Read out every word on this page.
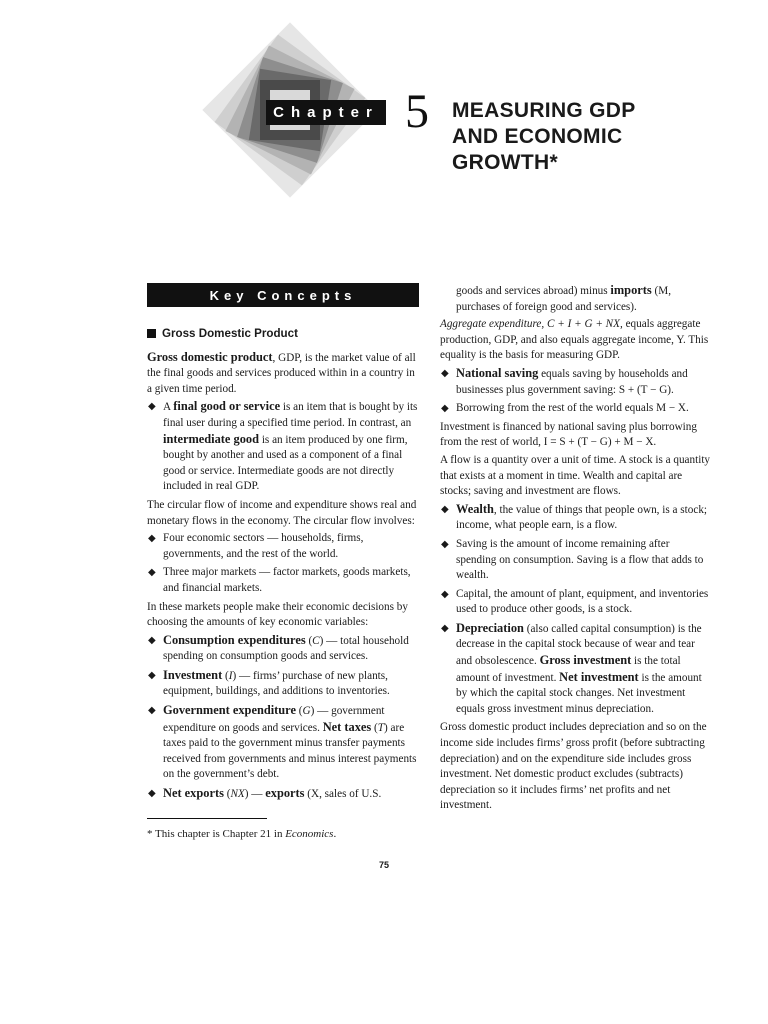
Chapter 5 MEASURING GDP
AND ECONOMIC
GROWTH*
Key Concepts
Gross Domestic Product

Gross domestic product, GDP, is the market value of all the final goods and services produced within in a country in a given time period.

◆ A final good or service is an item that is bought by its final user during a specified time period. In contrast, an intermediate good is an item produced by one firm, bought by another and used as a component of a final good or service. Intermediate goods are not directly included in real GDP.

The circular flow of income and expenditure shows real and monetary flows in the economy. The circular flow involves:

◆ Four economic sectors — households, firms, governments, and the rest of the world.
◆ Three major markets — factor markets, goods markets, and financial markets.

In these markets people make their economic decisions by choosing the amounts of key economic variables:

◆ Consumption expenditures (C) — total household spending on consumption goods and services.
◆ Investment (I) — firms’ purchase of new plants, equipment, buildings, and additions to inventories.
◆ Government expenditure (G) — government expenditure on goods and services. Net taxes (T) are taxes paid to the government minus transfer payments received from governments and minus interest payments on the government’s debt.
◆ Net exports (NX) — exports (X, sales of U.S.

goods and services abroad) minus imports (M, purchases of foreign good and services).

Aggregate expenditure, C + I + G + NX, equals aggregate production, GDP, and also equals aggregate income, Y. This equality is the basis for measuring GDP.

◆ National saving equals saving by households and businesses plus government saving: S + (T − G).
◆ Borrowing from the rest of the world equals M − X.

Investment is financed by national saving plus borrowing from the rest of world, I = S + (T − G) + M − X.

A flow is a quantity over a unit of time. A stock is a quantity that exists at a moment in time. Wealth and capital are stocks; saving and investment are flows.

◆ Wealth, the value of things that people own, is a stock; income, what people earn, is a flow.
◆ Saving is the amount of income remaining after spending on consumption. Saving is a flow that adds to wealth.
◆ Capital, the amount of plant, equipment, and inventories used to produce other goods, is a stock.
◆ Depreciation (also called capital consumption) is the decrease in the capital stock because of wear and tear and obsolescence. Gross investment is the total amount of investment. Net investment is the amount by which the capital stock changes. Net investment equals gross investment minus depreciation.

Gross domestic product includes depreciation and so on the income side includes firms’ gross profit (before subtracting depreciation) and on the expenditure side includes gross investment. Net domestic product excludes (subtracts) depreciation so it includes firms’ net profits and net investment.

* This chapter is Chapter 21 in Economics.
75
